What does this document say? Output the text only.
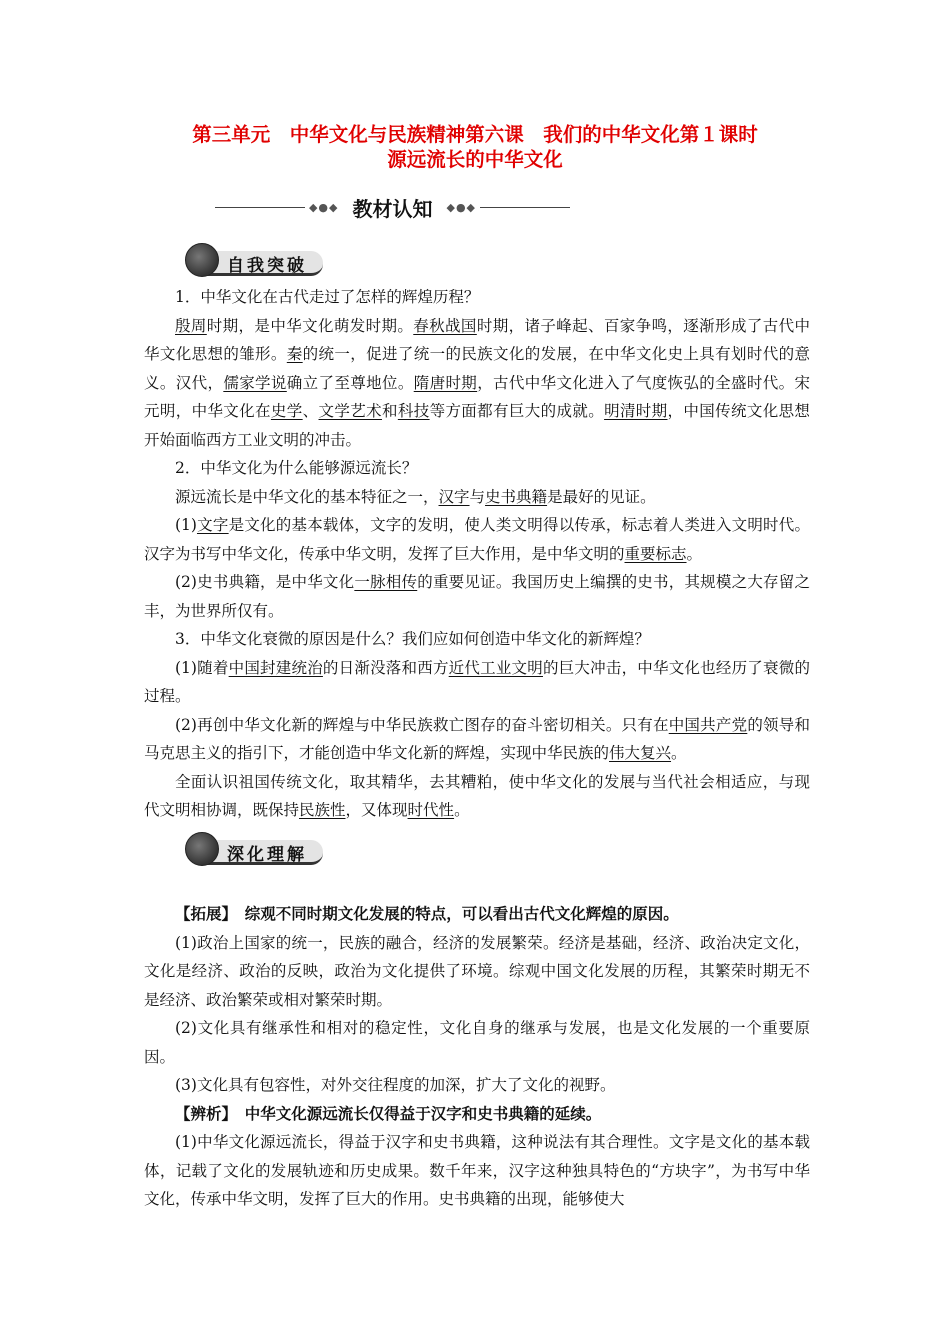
第三单元　中华文化与民族精神第六课　我们的中华文化第１课时
源远流长的中华文化
◆●◆ 教材认知 ◆●◆
自我突破

1．中华文化在古代走过了怎样的辉煌历程？

殷周时期，是中华文化萌发时期。春秋战国时期，诸子峰起、百家争鸣，逐渐形成了古代中华文化思想的雏形。秦的统一，促进了统一的民族文化的发展，在中华文化史上具有划时代的意义。汉代，儒家学说确立了至尊地位。隋唐时期，古代中华文化进入了气度恢弘的全盛时代。宋元明，中华文化在史学、文学艺术和科技等方面都有巨大的成就。明清时期，中国传统文化思想开始面临西方工业文明的冲击。

2．中华文化为什么能够源远流长？

源远流长是中华文化的基本特征之一，汉字与史书典籍是最好的见证。

(1)文字是文化的基本载体，文字的发明，使人类文明得以传承，标志着人类进入文明时代。汉字为书写中华文化，传承中华文明，发挥了巨大作用，是中华文明的重要标志。

(2)史书典籍，是中华文化一脉相传的重要见证。我国历史上编撰的史书，其规模之大存留之丰，为世界所仅有。

3．中华文化衰微的原因是什么？我们应如何创造中华文化的新辉煌？

(1)随着中国封建统治的日渐没落和西方近代工业文明的巨大冲击，中华文化也经历了衰微的过程。

(2)再创中华文化新的辉煌与中华民族救亡图存的奋斗密切相关。只有在中国共产党的领导和马克思主义的指引下，才能创造中华文化新的辉煌，实现中华民族的伟大复兴。

全面认识祖国传统文化，取其精华，去其糟粕，使中华文化的发展与当代社会相适应，与现代文明相协调，既保持民族性，又体现时代性。

深化理解

【拓展】　综观不同时期文化发展的特点，可以看出古代文化辉煌的原因。

(1)政治上国家的统一，民族的融合，经济的发展繁荣。经济是基础，经济、政治决定文化，文化是经济、政治的反映，政治为文化提供了环境。综观中国文化发展的历程，其繁荣时期无不是经济、政治繁荣或相对繁荣时期。

(2)文化具有继承性和相对的稳定性，文化自身的继承与发展，也是文化发展的一个重要原因。

(3)文化具有包容性，对外交往程度的加深，扩大了文化的视野。

【辨析】　中华文化源远流长仅得益于汉字和史书典籍的延续。

(1)中华文化源远流长，得益于汉字和史书典籍，这种说法有其合理性。文字是文化的基本载体，记载了文化的发展轨迹和历史成果。数千年来，汉字这种独具特色的“方块字”，为书写中华文化，传承中华文明，发挥了巨大的作用。史书典籍的出现，能够使大
